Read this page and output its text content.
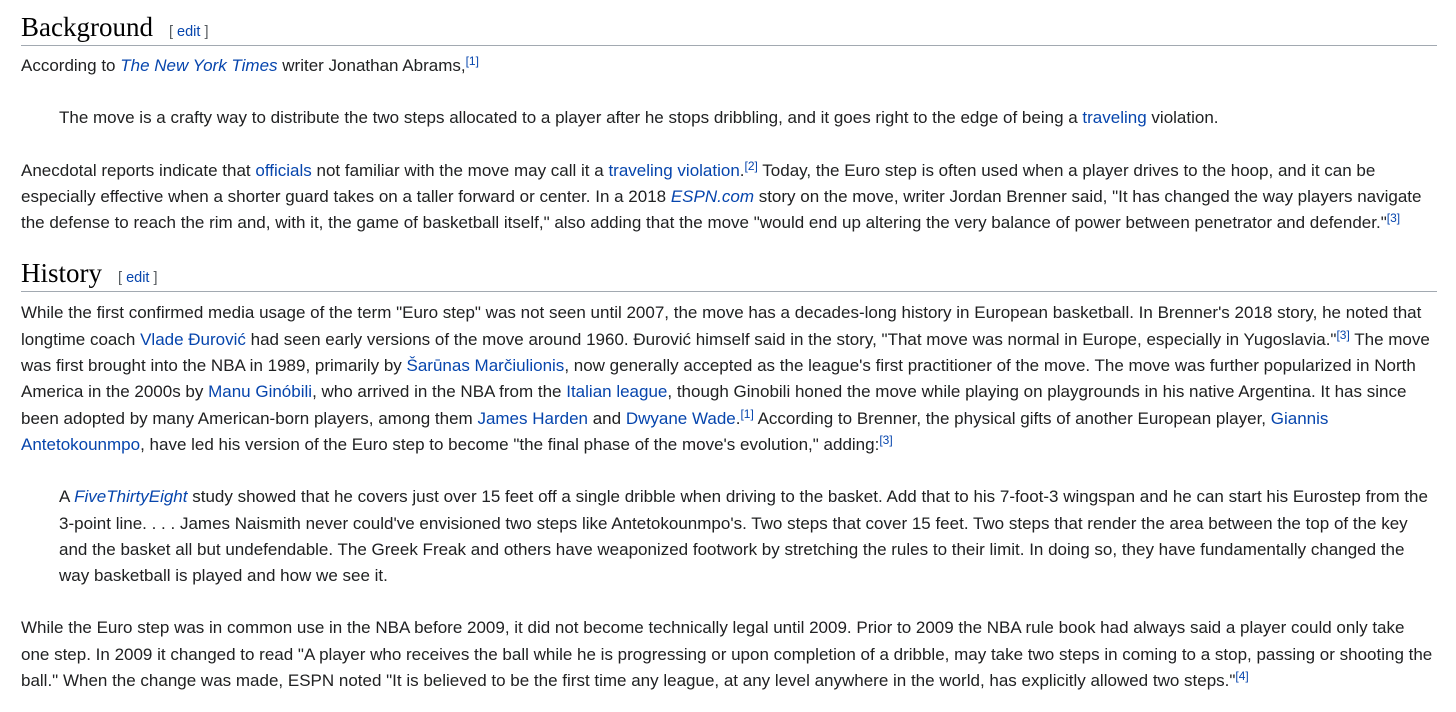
Background [ edit ]

According to The New York Times writer Jonathan Abrams,[1]

The move is a crafty way to distribute the two steps allocated to a player after he stops dribbling, and it goes right to the edge of being a traveling violation.

Anecdotal reports indicate that officials not familiar with the move may call it a traveling violation.[2] Today, the Euro step is often used when a player drives to the hoop, and it can be especially effective when a shorter guard takes on a taller forward or center. In a 2018 ESPN.com story on the move, writer Jordan Brenner said, "It has changed the way players navigate the defense to reach the rim and, with it, the game of basketball itself," also adding that the move "would end up altering the very balance of power between penetrator and defender."[3]

History [ edit ]

While the first confirmed media usage of the term "Euro step" was not seen until 2007, the move has a decades-long history in European basketball. In Brenner's 2018 story, he noted that longtime coach Vlade Đurović had seen early versions of the move around 1960. Đurović himself said in the story, "That move was normal in Europe, especially in Yugoslavia."[3] The move was first brought into the NBA in 1989, primarily by Šarūnas Marčiulionis, now generally accepted as the league's first practitioner of the move. The move was further popularized in North America in the 2000s by Manu Ginóbili, who arrived in the NBA from the Italian league, though Ginobili honed the move while playing on playgrounds in his native Argentina. It has since been adopted by many American-born players, among them James Harden and Dwyane Wade.[1] According to Brenner, the physical gifts of another European player, Giannis Antetokounmpo, have led his version of the Euro step to become "the final phase of the move's evolution," adding:[3]

A FiveThirtyEight study showed that he covers just over 15 feet off a single dribble when driving to the basket. Add that to his 7-foot-3 wingspan and he can start his Eurostep from the 3-point line. . . . James Naismith never could've envisioned two steps like Antetokounmpo's. Two steps that cover 15 feet. Two steps that render the area between the top of the key and the basket all but undefendable. The Greek Freak and others have weaponized footwork by stretching the rules to their limit. In doing so, they have fundamentally changed the way basketball is played and how we see it.

While the Euro step was in common use in the NBA before 2009, it did not become technically legal until 2009. Prior to 2009 the NBA rule book had always said a player could only take one step. In 2009 it changed to read "A player who receives the ball while he is progressing or upon completion of a dribble, may take two steps in coming to a stop, passing or shooting the ball." When the change was made, ESPN noted "It is believed to be the first time any league, at any level anywhere in the world, has explicitly allowed two steps."[4]
